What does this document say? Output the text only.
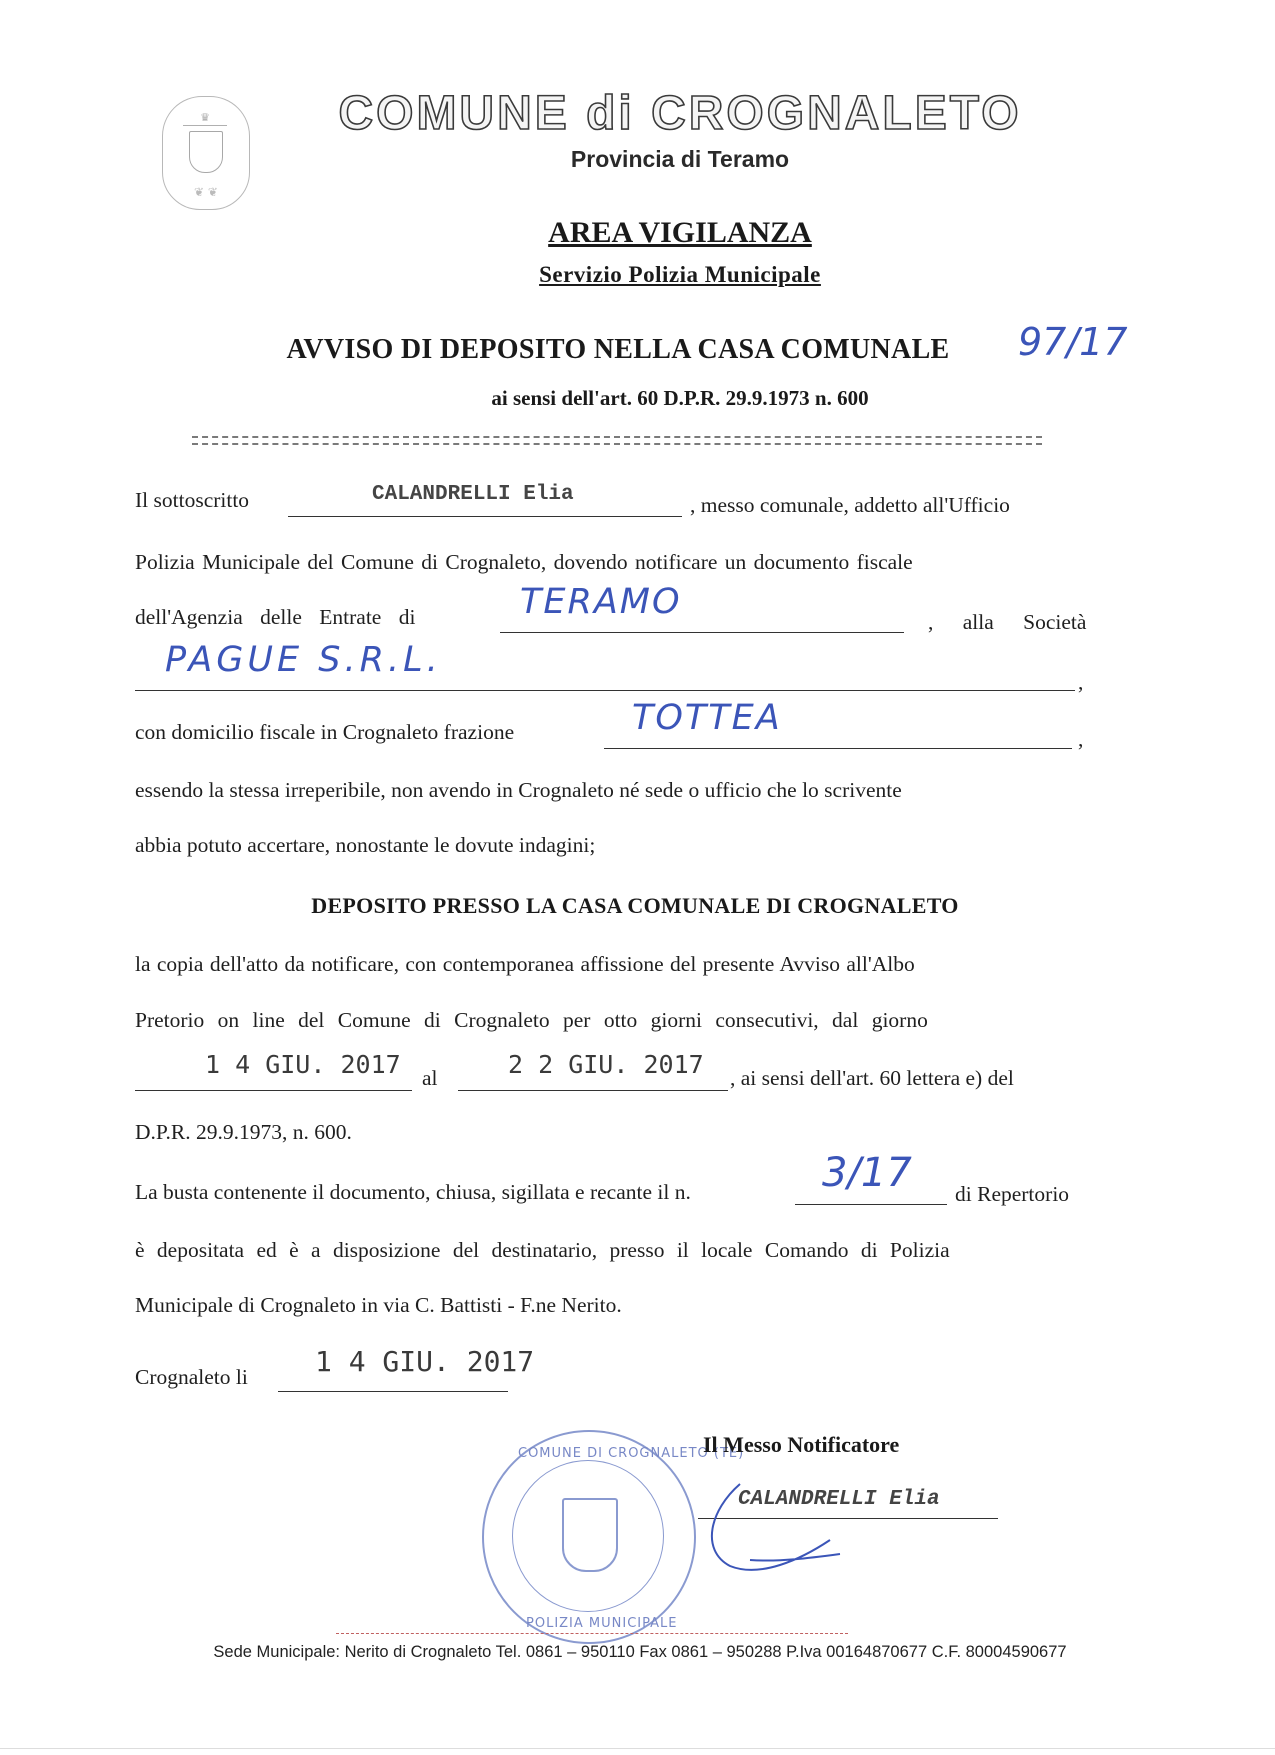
♛
❦ ❦
COMUNE di CROGNALETO
Provincia di Teramo
AREA VIGILANZA
Servizio Polizia Municipale
AVVISO DI DEPOSITO NELLA CASA COMUNALE	97/17
ai sensi dell'art. 60 D.P.R. 29.9.1973 n. 600
Il sottoscritto	CALANDRELLI Elia	, messo comunale, addetto all'Ufficio
Polizia Municipale del Comune di Crognaleto, dovendo notificare un documento fiscale
dell'Agenzia delle Entrate di	TERAMO	, alla Società
PAGUE S.R.L.
,
con domicilio fiscale in Crognaleto frazione	TOTTEA
,
essendo la stessa irreperibile, non avendo in Crognaleto né sede o ufficio che lo scrivente
abbia potuto accertare, nonostante le dovute indagini;
DEPOSITO PRESSO LA CASA COMUNALE DI CROGNALETO
la copia dell'atto da notificare, con contemporanea affissione del presente Avviso all'Albo
Pretorio on line del Comune di Crognaleto per otto giorni consecutivi, dal giorno
1 4 GIU. 2017 al	2 2 GIU. 2017 , ai sensi dell'art. 60 lettera e) del
D.P.R. 29.9.1973, n. 600.
La busta contenente il documento, chiusa, sigillata e recante il n.	3/17 di Repertorio
è depositata ed è a disposizione del destinatario, presso il locale Comando di Polizia
Municipale di Crognaleto in via C. Battisti - F.ne Nerito.
Crognaleto li 1 4 GIU. 2017
COMUNE DI CROGNALETO (TE)
POLIZIA MUNICIPALE
Il Messo Notificatore
CALANDRELLI Elia
Sede Municipale: Nerito di Crognaleto Tel. 0861 – 950110 Fax 0861 – 950288 P.Iva 00164870677 C.F. 80004590677
